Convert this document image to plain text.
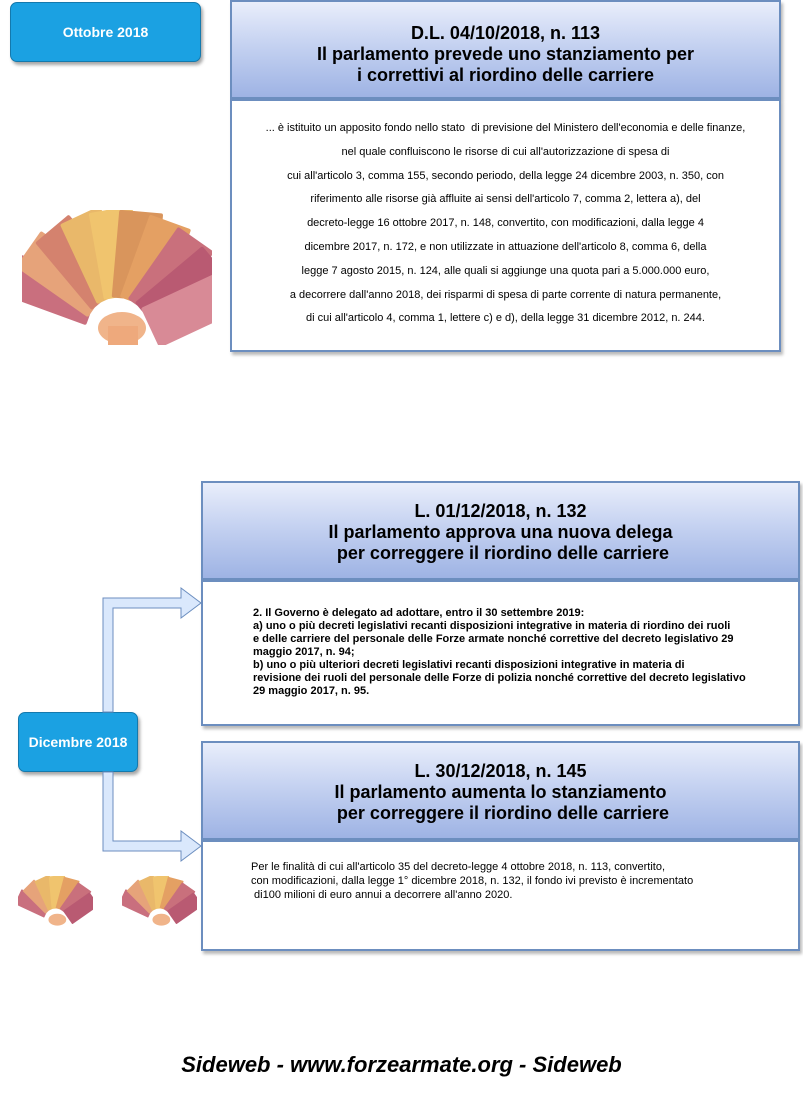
Ottobre 2018
Dicembre 2018
D.L. 04/10/2018, n. 113
Il parlamento prevede uno stanziamento per
i correttivi al riordino delle carriere
... è istituito un apposito fondo nello stato  di previsione del Ministero dell'economia e delle finanze,
nel quale confluiscono le risorse di cui all'autorizzazione di spesa di
cui all'articolo 3, comma 155, secondo periodo, della legge 24 dicembre 2003, n. 350, con
riferimento alle risorse già affluite ai sensi dell'articolo 7, comma 2, lettera a), del
decreto-legge 16 ottobre 2017, n. 148, convertito, con modificazioni, dalla legge 4
dicembre 2017, n. 172, e non utilizzate in attuazione dell'articolo 8, comma 6, della
legge 7 agosto 2015, n. 124, alle quali si aggiunge una quota pari a 5.000.000 euro,
a decorrere dall'anno 2018, dei risparmi di spesa di parte corrente di natura permanente,
di cui all'articolo 4, comma 1, lettere c) e d), della legge 31 dicembre 2012, n. 244.
L. 01/12/2018, n. 132
Il parlamento approva una nuova delega
per correggere il riordino delle carriere
2. Il Governo è delegato ad adottare, entro il 30 settembre 2019:
a) uno o più decreti legislativi recanti disposizioni integrative in materia di riordino dei ruoli
e delle carriere del personale delle Forze armate nonché correttive del decreto legislativo 29
maggio 2017, n. 94;
b) uno o più ulteriori decreti legislativi recanti disposizioni integrative in materia di
revisione dei ruoli del personale delle Forze di polizia nonché correttive del decreto legislativo
29 maggio 2017, n. 95.
L. 30/12/2018, n. 145
Il parlamento aumenta lo stanziamento
per correggere il riordino delle carriere
Per le finalità di cui all'articolo 35 del decreto-legge 4 ottobre 2018, n. 113, convertito,
con modificazioni, dalla legge 1° dicembre 2018, n. 132, il fondo ivi previsto è incrementato
di100 milioni di euro annui a decorrere all'anno 2020.
Sideweb - www.forzearmate.org - Sideweb
